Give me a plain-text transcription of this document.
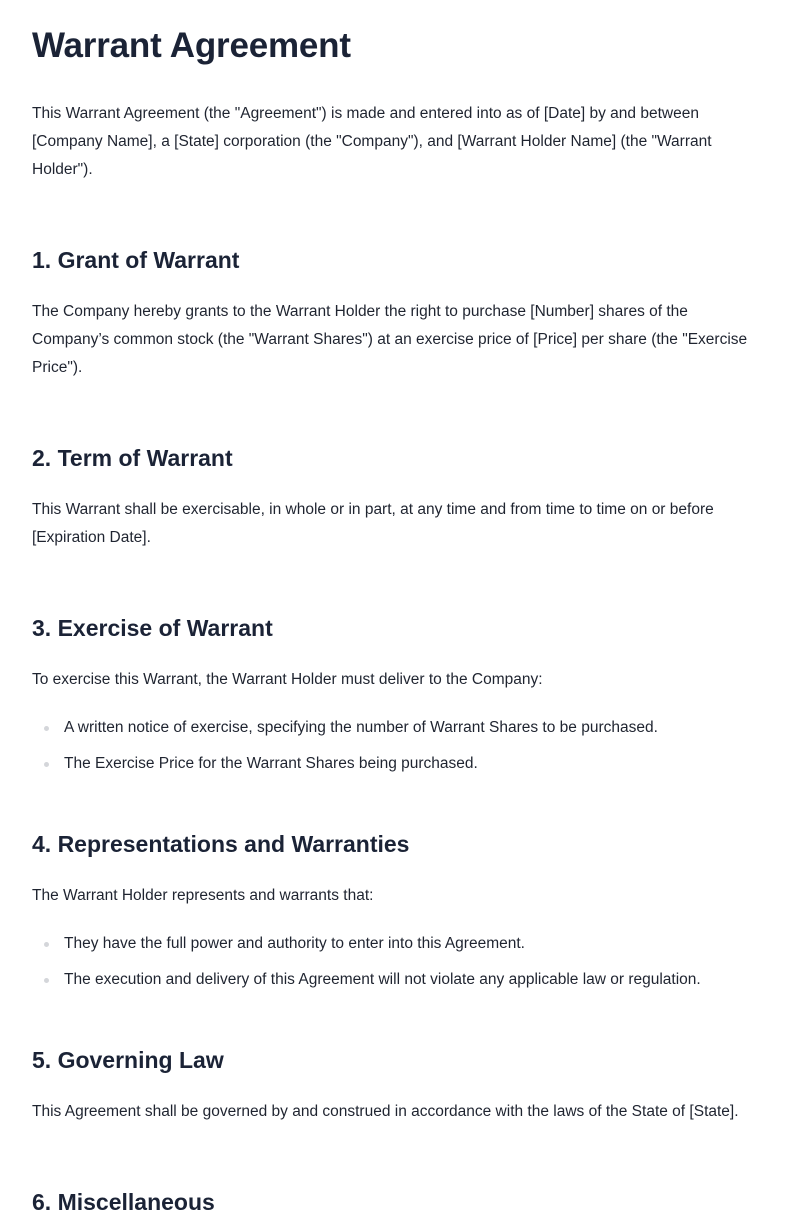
Warrant Agreement

This Warrant Agreement (the "Agreement") is made and entered into as of [Date] by and between [Company Name], a [State] corporation (the "Company"), and [Warrant Holder Name] (the "Warrant Holder").

1. Grant of Warrant

The Company hereby grants to the Warrant Holder the right to purchase [Number] shares of the Company’s common stock (the "Warrant Shares") at an exercise price of [Price] per share (the "Exercise Price").

2. Term of Warrant

This Warrant shall be exercisable, in whole or in part, at any time and from time to time on or before [Expiration Date].

3. Exercise of Warrant

To exercise this Warrant, the Warrant Holder must deliver to the Company:

A written notice of exercise, specifying the number of Warrant Shares to be purchased.
The Exercise Price for the Warrant Shares being purchased.
4. Representations and Warranties

The Warrant Holder represents and warrants that:

They have the full power and authority to enter into this Agreement.
The execution and delivery of this Agreement will not violate any applicable law or regulation.
5. Governing Law

This Agreement shall be governed by and construed in accordance with the laws of the State of [State].

6. Miscellaneous
